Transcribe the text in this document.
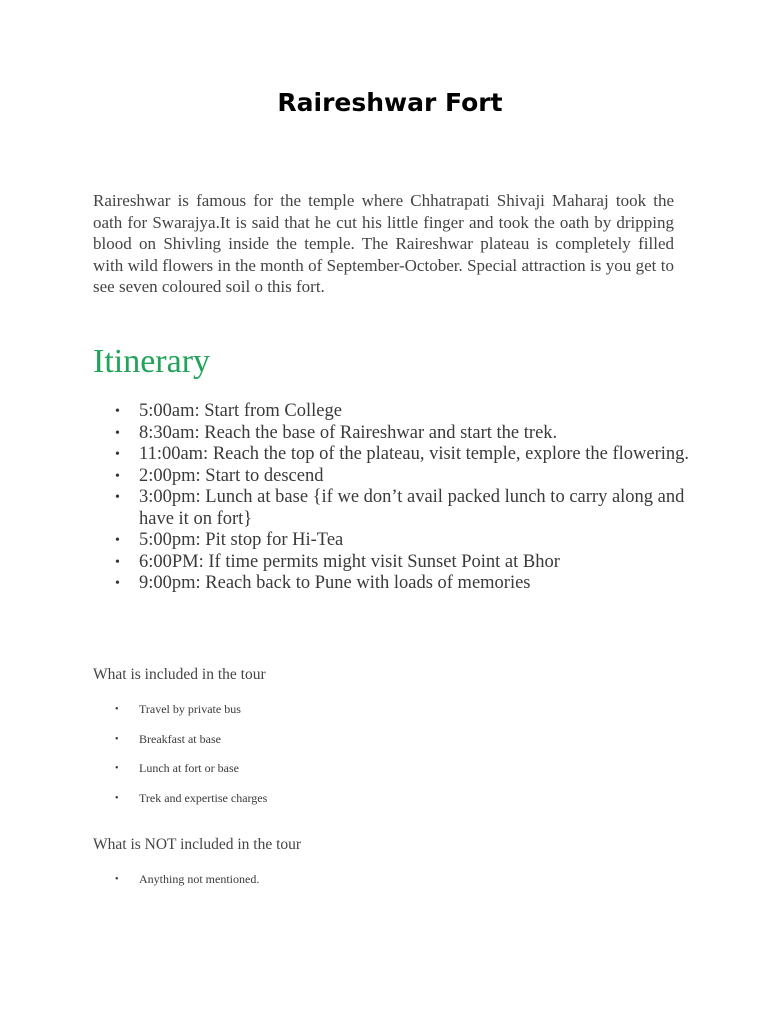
Raireshwar Fort

Raireshwar is famous for the temple where Chhatrapati Shivaji Maharaj took the oath for Swarajya.It is said that he cut his little finger and took the oath by dripping blood on Shivling inside the temple. The Raireshwar plateau is completely filled with wild flowers in the month of September-October. Special attraction is you get to see seven coloured soil o this fort.

Itinerary
• 5:00am: Start from College
• 8:30am: Reach the base of Raireshwar and start the trek.
• 11:00am: Reach the top of the plateau, visit temple, explore the flowering.
• 2:00pm: Start to descend
• 3:00pm: Lunch at base {if we don’t avail packed lunch to carry along and have it on fort}
• 5:00pm: Pit stop for Hi-Tea
• 6:00PM: If time permits might visit Sunset Point at Bhor
• 9:00pm: Reach back to Pune with loads of memories
What is included in the tour
• Travel by private bus
• Breakfast at base
• Lunch at fort or base
• Trek and expertise charges
What is NOT included in the tour
• Anything not mentioned.
